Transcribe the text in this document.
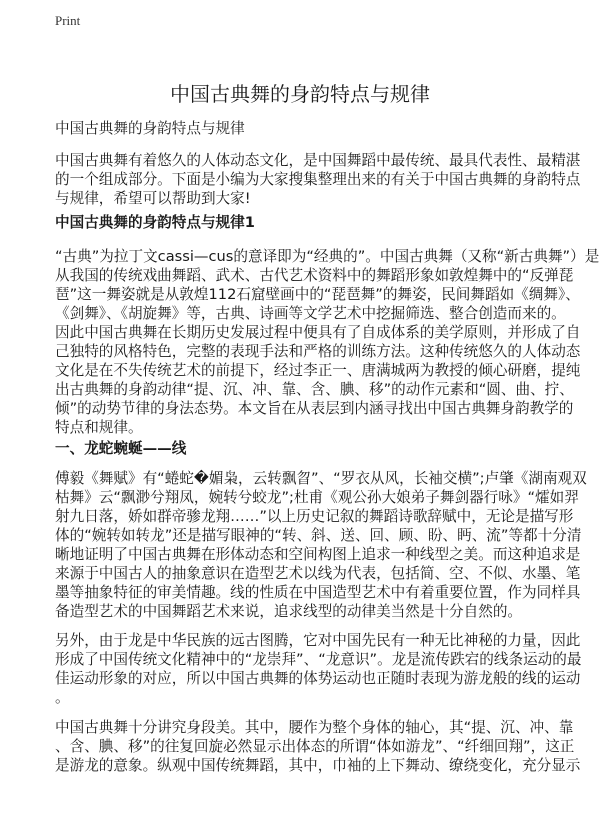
Print
中国古典舞的身韵特点与规律
中国古典舞的身韵特点与规律
中国古典舞有着悠久的人体动态文化，是中国舞蹈中最传统、最具代表性、最精湛
的一个组成部分。下面是小编为大家搜集整理出来的有关于中国古典舞的身韵特点
与规律，希望可以帮助到大家!
中国古典舞的身韵特点与规律1
“古典”为拉丁文cassi—cus的意译即为“经典的”。中国古典舞（又称“新古典舞”）是
从我国的传统戏曲舞蹈、武术、古代艺术资料中的舞蹈形象如敦煌舞中的“反弹琵
琶”这一舞姿就是从敦煌112石窟壁画中的“琵琶舞”的舞姿，民间舞蹈如《绸舞》、
《剑舞》、《胡旋舞》等，古典、诗画等文学艺术中挖掘筛选、整合创造而来的。
因此中国古典舞在长期历史发展过程中便具有了自成体系的美学原则，并形成了自
己独特的风格特色，完整的表现手法和严格的训练方法。这种传统悠久的人体动态
文化是在不失传统艺术的前提下，经过李正一、唐满城两为教授的倾心研磨，提纯
出古典舞的身韵动律“提、沉、冲、靠、含、腆、移”的动作元素和“圆、曲、拧、
倾”的动势节律的身法态势。本文旨在从表层到内涵寻找出中国古典舞身韵教学的
特点和规律。
一、龙蛇蜿蜒——线
傅毅《舞赋》有“蜷蛇�媚枭，云转飘曶”、“罗衣从风，长袖交横”;卢肇《湖南观双
枯舞》云“飘渺兮翔凤，婉转兮蛟龙”;杜甫《观公孙大娘弟子舞剑器行咏》“㸌如羿
射九日落，娇如群帝骖龙翔……”以上历史记叙的舞蹈诗歌辞赋中，无论是描写形
体的“婉转如转龙”还是描写眼神的“转、斜、送、回、顾、盼、眄、流”等都十分清
晰地证明了中国古典舞在形体动态和空间构图上追求一种线型之美。而这种追求是
来源于中国古人的抽象意识在造型艺术以线为代表，包括简、空、不似、水墨、笔
墨等抽象特征的审美情趣。线的性质在中国造型艺术中有着重要位置，作为同样具
备造型艺术的中国舞蹈艺术来说，追求线型的动律美当然是十分自然的。
另外，由于龙是中华民族的远古图腾，它对中国先民有一种无比神秘的力量，因此
形成了中国传统文化精神中的“龙崇拜”、“龙意识”。龙是流传跌宕的线条运动的最
佳运动形象的对应，所以中国古典舞的体势运动也正随时表现为游龙般的线的运动
。
中国古典舞十分讲究身段美。其中，腰作为整个身体的轴心，其“提、沉、冲、靠
、含、腆、移”的往复回旋必然显示出体态的所谓“体如游龙”、“纤细回翔”，这正
是游龙的意象。纵观中国传统舞蹈，其中，巾袖的上下舞动、缭绕变化，充分显示
